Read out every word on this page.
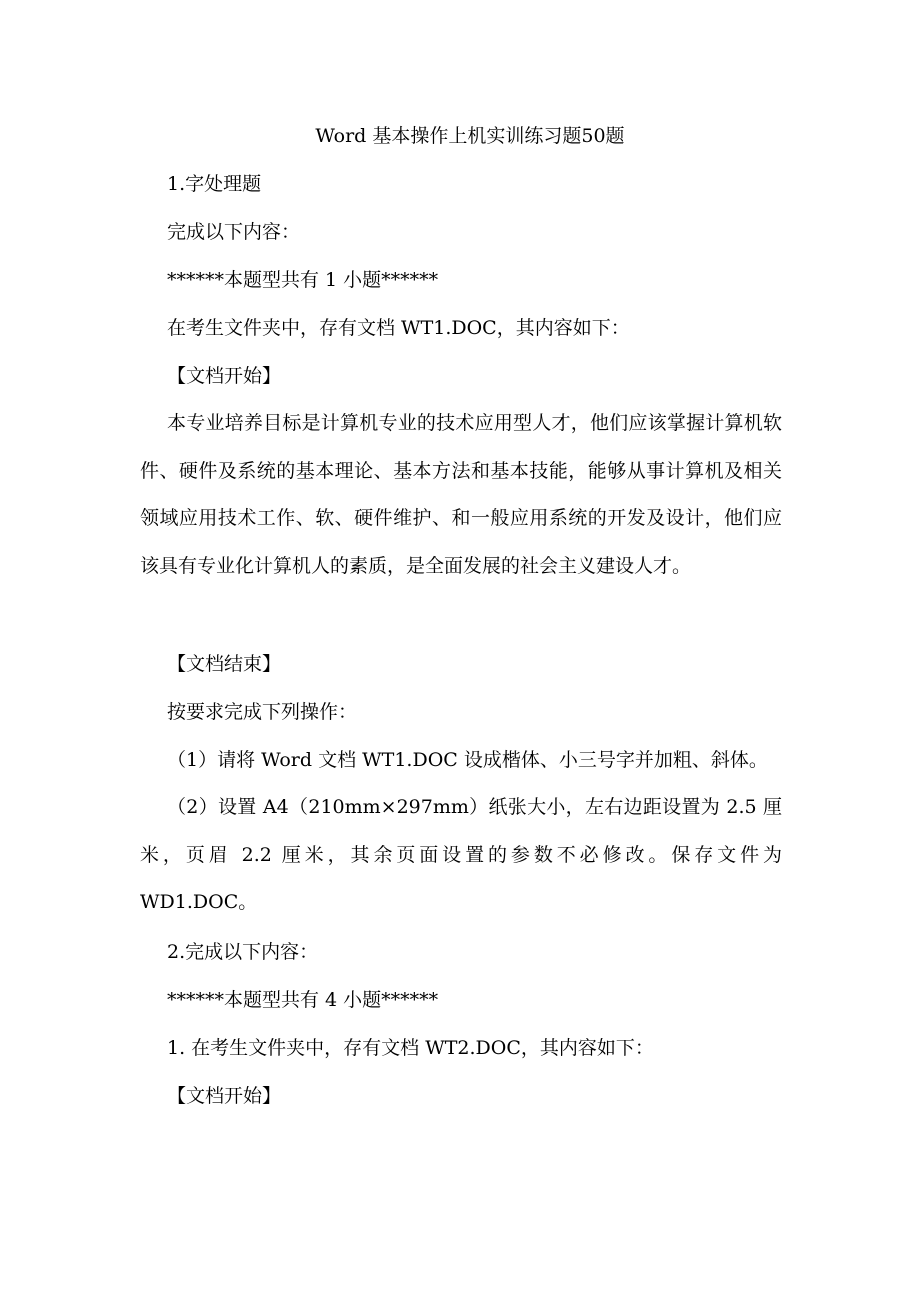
Word 基本操作上机实训练习题50题
1.字处理题
完成以下内容：
******本题型共有 1 小题******
在考生文件夹中，存有文档 WT1.DOC，其内容如下：
【文档开始】
本专业培养目标是计算机专业的技术应用型人才，他们应该掌握计算机软件、硬件及系统的基本理论、基本方法和基本技能，能够从事计算机及相关领域应用技术工作、软、硬件维护、和一般应用系统的开发及设计，他们应该具有专业化计算机人的素质，是全面发展的社会主义建设人才。
【文档结束】
按要求完成下列操作：
（1）请将 Word 文档 WT1.DOC 设成楷体、小三号字并加粗、斜体。
（2）设置 A4（210mm×297mm）纸张大小，左右边距设置为 2.5 厘米，页眉 2.2 厘米，其余页面设置的参数不必修改。保存文件为 WD1.DOC。
2.完成以下内容：
******本题型共有 4 小题******
1. 在考生文件夹中，存有文档 WT2.DOC，其内容如下：
【文档开始】
